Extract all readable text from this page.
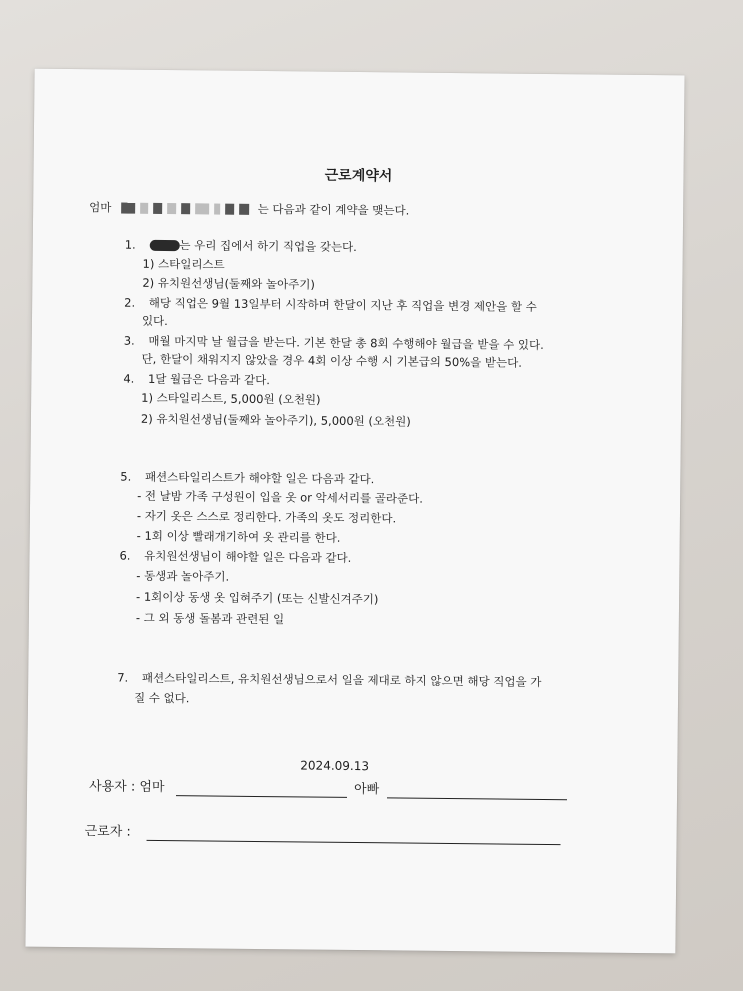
근로계약서
엄마	는 다음과 같이 계약을 맺는다.
1.	는 우리 집에서 하기 직업을 갖는다.
1) 스타일리스트
2) 유치원선생님(둘째와 놀아주기)
2. 해당 직업은 9월 13일부터 시작하며 한달이 지난 후 직업을 변경 제안을 할 수
있다.
3. 매월 마지막 날 월급을 받는다. 기본 한달 총 8회 수행해야 월급을 받을 수 있다.
단, 한달이 채워지지 않았을 경우 4회 이상 수행 시 기본급의 50%을 받는다.
4. 1달 월급은 다음과 같다.
1) 스타일리스트, 5,000원 (오천원)
2) 유치원선생님(둘째와 놀아주기), 5,000원 (오천원)
5. 패션스타일리스트가 해야할 일은 다음과 같다.
- 전 날밤 가족 구성원이 입을 옷 or 악세서리를 골라준다.
- 자기 옷은 스스로 정리한다. 가족의 옷도 정리한다.
- 1회 이상 빨래개기하여 옷 관리를 한다.
6. 유치원선생님이 해야할 일은 다음과 같다.
- 동생과 놀아주기.
- 1회이상 동생 옷 입혀주기 (또는 신발신겨주기)
- 그 외 동생 돌봄과 관련된 일
7. 패션스타일리스트, 유치원선생님으로서 일을 제대로 하지 않으면 해당 직업을 가
질 수 없다.
2024.09.13
사용자 : 엄마	아빠
근로자 :
